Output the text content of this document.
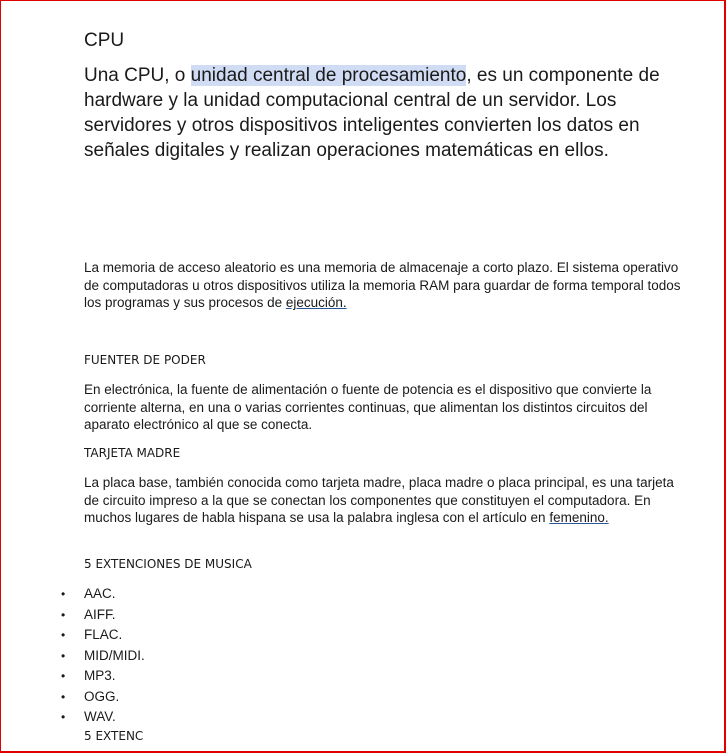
CPU
Una CPU, o unidad central de procesamiento, es un componente de hardware y la unidad computacional central de un servidor. Los servidores y otros dispositivos inteligentes convierten los datos en señales digitales y realizan operaciones matemáticas en ellos.
La memoria de acceso aleatorio es una memoria de almacenaje a corto plazo. El sistema operativo de computadoras u otros dispositivos utiliza la memoria RAM para guardar de forma temporal todos los programas y sus procesos de ejecución.
FUENTER DE PODER
En electrónica, la fuente de alimentación o fuente de potencia es el dispositivo que convierte la corriente alterna, en una o varias corrientes continuas, que alimentan los distintos circuitos del aparato electrónico al que se conecta.
TARJETA MADRE
La placa base, también conocida como tarjeta madre, placa madre o placa principal, es una tarjeta de circuito impreso a la que se conectan los componentes que constituyen el computadora. En muchos lugares de habla hispana se usa la palabra inglesa con el artículo en femenino.
5 EXTENCIONES DE MUSICA
•	AAC.
•	AIFF.
•	FLAC.
•	MID/MIDI.
•	MP3.
•	OGG.
•	WAV.
5 EXTENC
